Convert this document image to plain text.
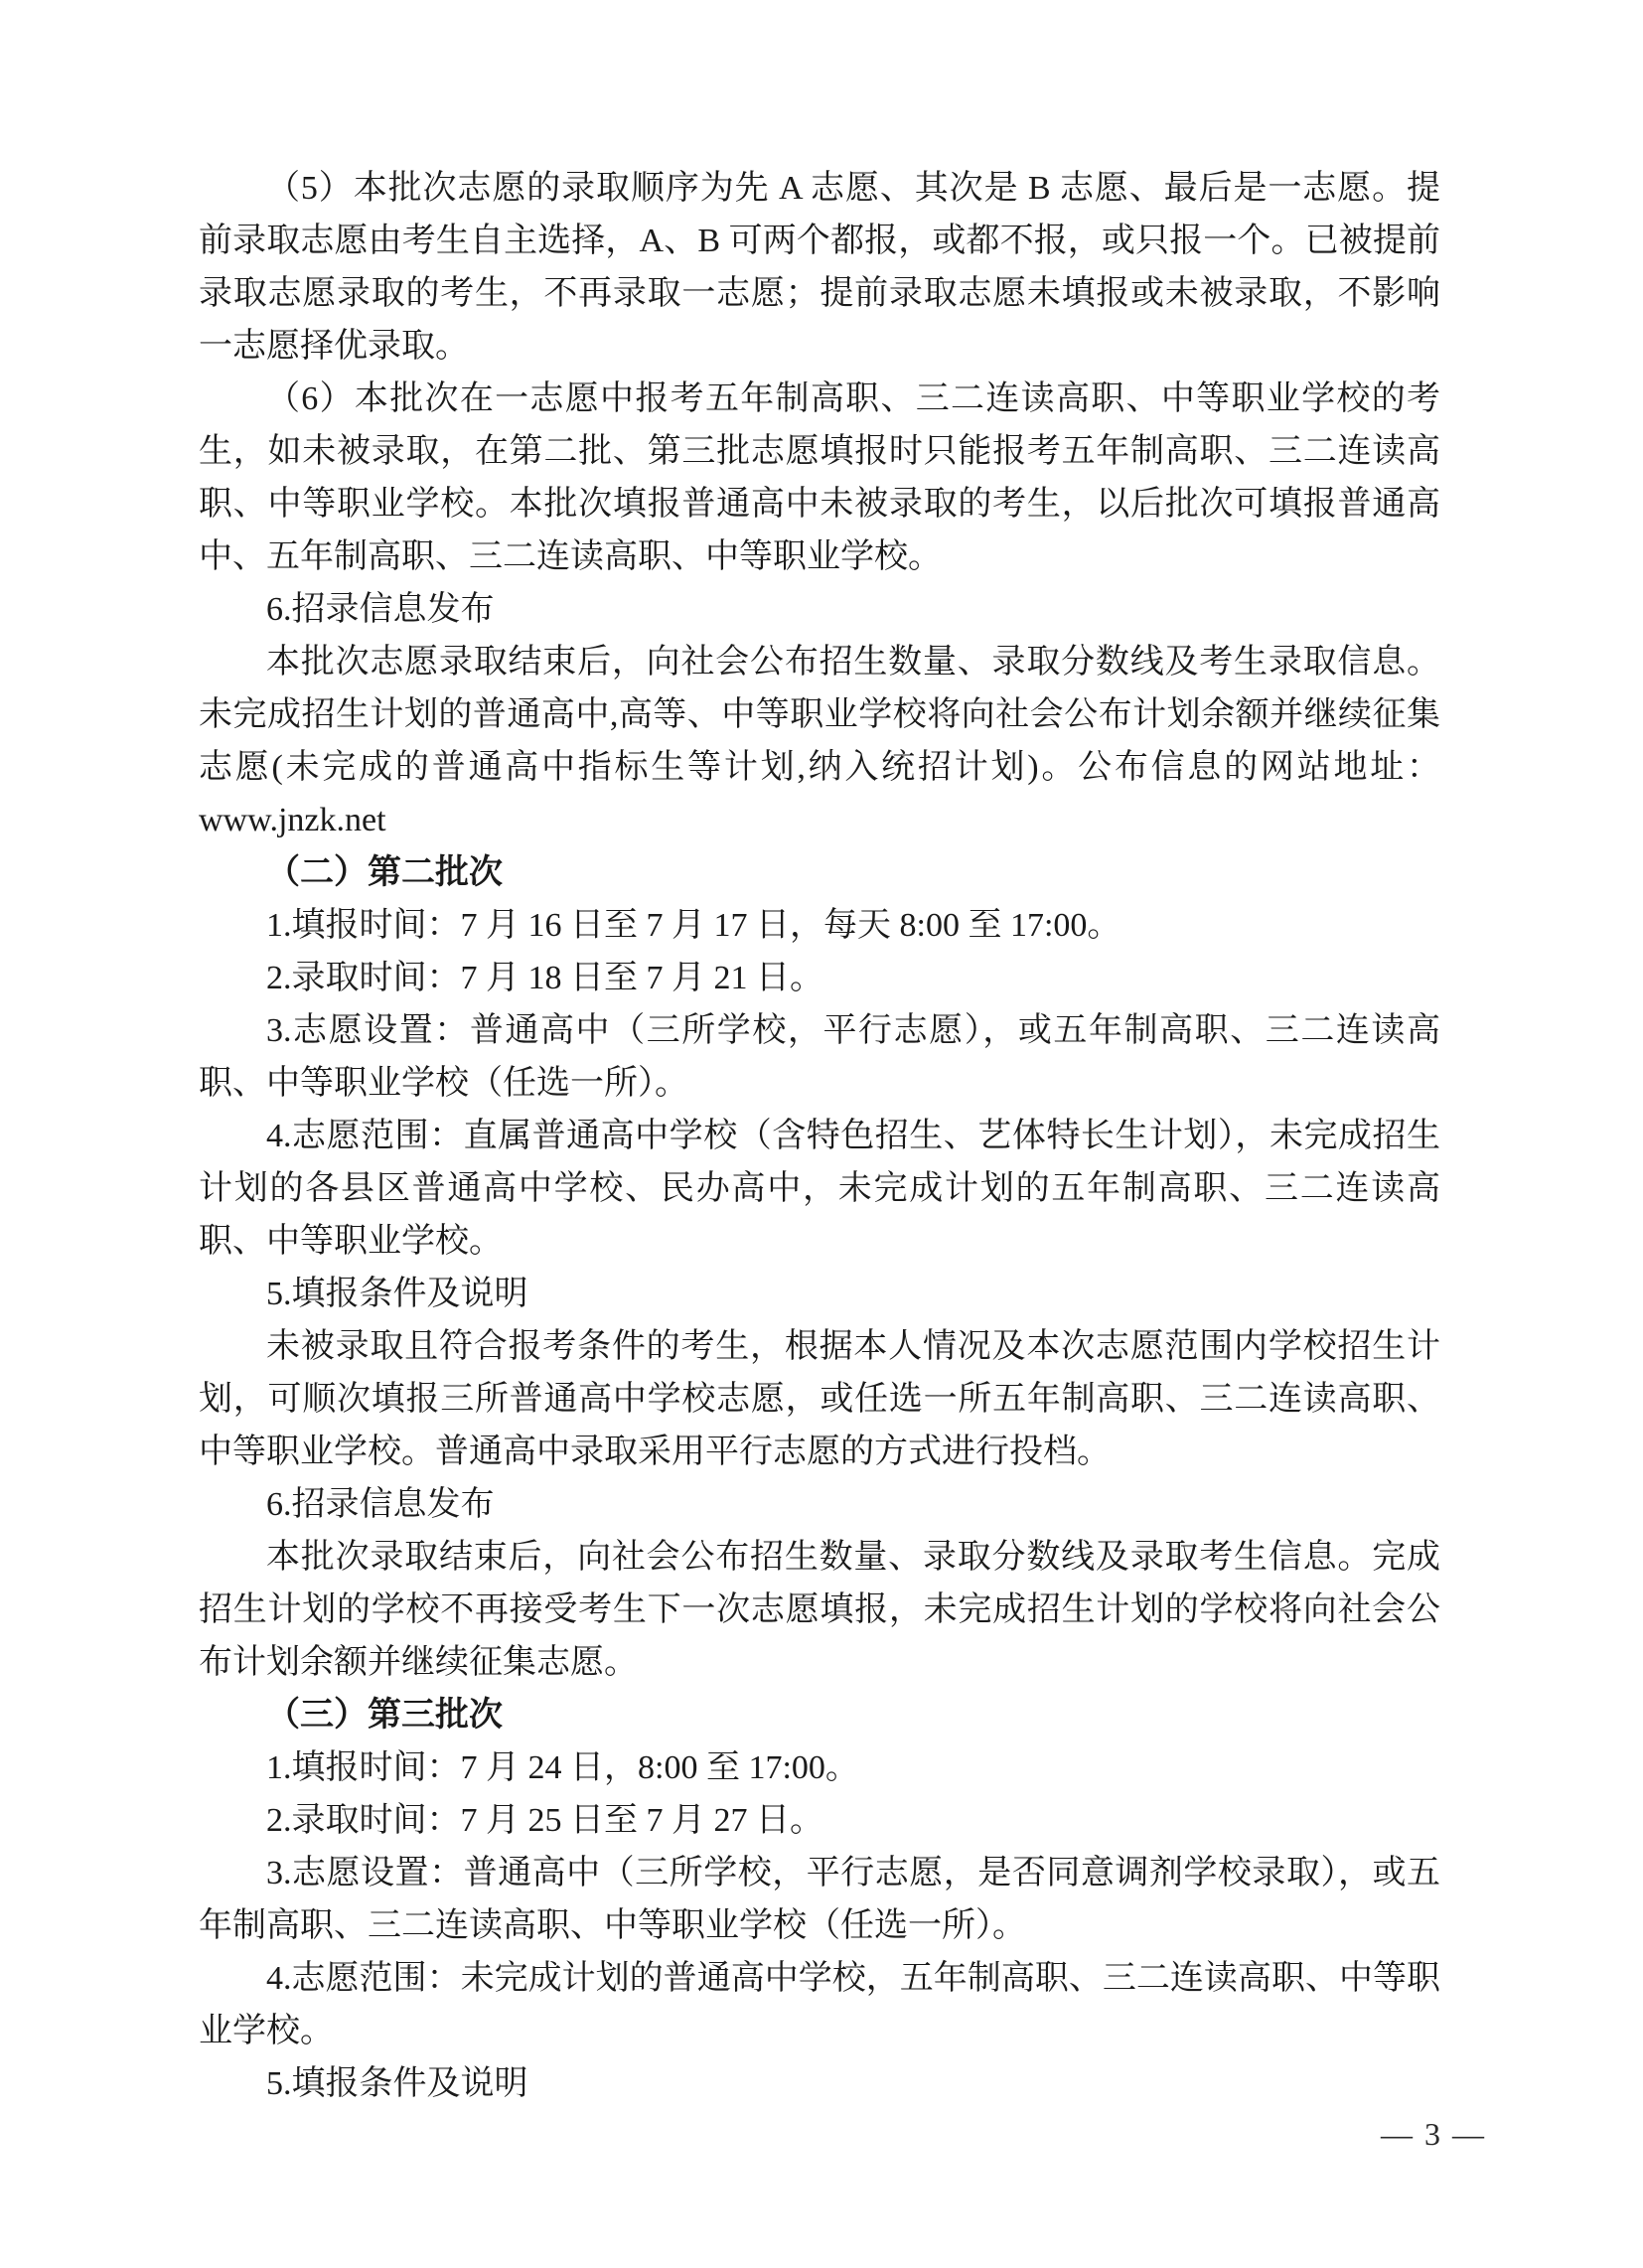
（5）本批次志愿的录取顺序为先 A 志愿、其次是 B 志愿、最后是一志愿。提前录取志愿由考生自主选择，A、B 可两个都报，或都不报，或只报一个。已被提前录取志愿录取的考生，不再录取一志愿；提前录取志愿未填报或未被录取，不影响一志愿择优录取。

（6）本批次在一志愿中报考五年制高职、三二连读高职、中等职业学校的考生，如未被录取，在第二批、第三批志愿填报时只能报考五年制高职、三二连读高职、中等职业学校。本批次填报普通高中未被录取的考生，以后批次可填报普通高中、五年制高职、三二连读高职、中等职业学校。

6.招录信息发布

本批次志愿录取结束后，向社会公布招生数量、录取分数线及考生录取信息。未完成招生计划的普通高中,高等、中等职业学校将向社会公布计划余额并继续征集志愿(未完成的普通高中指标生等计划,纳入统招计划)。公布信息的网站地址：www.jnzk.net

（二）第二批次

1.填报时间：7 月 16 日至 7 月 17 日，每天 8:00 至 17:00。

2.录取时间：7 月 18 日至 7 月 21 日。

3.志愿设置：普通高中（三所学校，平行志愿），或五年制高职、三二连读高职、中等职业学校（任选一所）。

4.志愿范围：直属普通高中学校（含特色招生、艺体特长生计划），未完成招生计划的各县区普通高中学校、民办高中，未完成计划的五年制高职、三二连读高职、中等职业学校。

5.填报条件及说明

未被录取且符合报考条件的考生，根据本人情况及本次志愿范围内学校招生计划，可顺次填报三所普通高中学校志愿，或任选一所五年制高职、三二连读高职、中等职业学校。普通高中录取采用平行志愿的方式进行投档。

6.招录信息发布

本批次录取结束后，向社会公布招生数量、录取分数线及录取考生信息。完成招生计划的学校不再接受考生下一次志愿填报，未完成招生计划的学校将向社会公布计划余额并继续征集志愿。

（三）第三批次

1.填报时间：7 月 24 日，8:00 至 17:00。

2.录取时间：7 月 25 日至 7 月 27 日。

3.志愿设置：普通高中（三所学校，平行志愿，是否同意调剂学校录取），或五年制高职、三二连读高职、中等职业学校（任选一所）。

4.志愿范围：未完成计划的普通高中学校，五年制高职、三二连读高职、中等职业学校。

5.填报条件及说明

— 3 —
